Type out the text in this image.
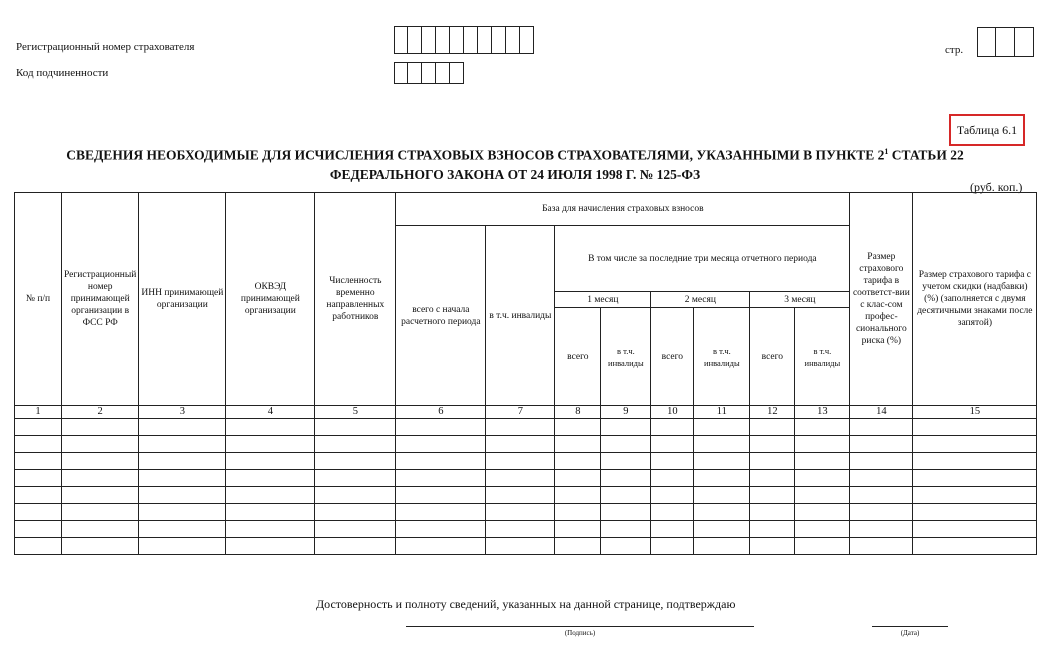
Регистрационный номер страхователя
Код подчиненности
стр.
Таблица 6.1
СВЕДЕНИЯ НЕОБХОДИМЫЕ ДЛЯ ИСЧИСЛЕНИЯ СТРАХОВЫХ ВЗНОСОВ СТРАХОВАТЕЛЯМИ, УКАЗАННЫМИ В ПУНКТЕ $2^1$ СТАТЬИ 22
ФЕДЕРАЛЬНОГО ЗАКОНА ОТ 24 ИЮЛЯ 1998 Г. № 125-ФЗ
(руб. коп.)
№ п/п	Регистрационный номер принимающей организации в ФСС РФ	ИНН принимающей организации	ОКВЭД принимающей организации	Численность временно направленных работников	База для начисления страховых взносов								Размер страхового тарифа в соответст-вии с клас-сом профес-сионального риска (%)	Размер страхового тарифа с учетом скидки (надбавки) (%) (заполняется с двумя десятичными знаками после запятой)
					всего с начала расчетного периода	в т.ч. инвалиды	В том числе за последние три месяца отчетного периода							
							1 месяц		2 месяц		3 месяц			
							всего	в т.ч. инвалиды	всего	в т.ч. инвалиды	всего	в т.ч. инвалиды		
1	2	3	4	5	6	7	8	9	10	11	12	13	14	15

Достоверность и полноту сведений, указанных на данной странице, подтверждаю
(Подпись)	(Дата)
